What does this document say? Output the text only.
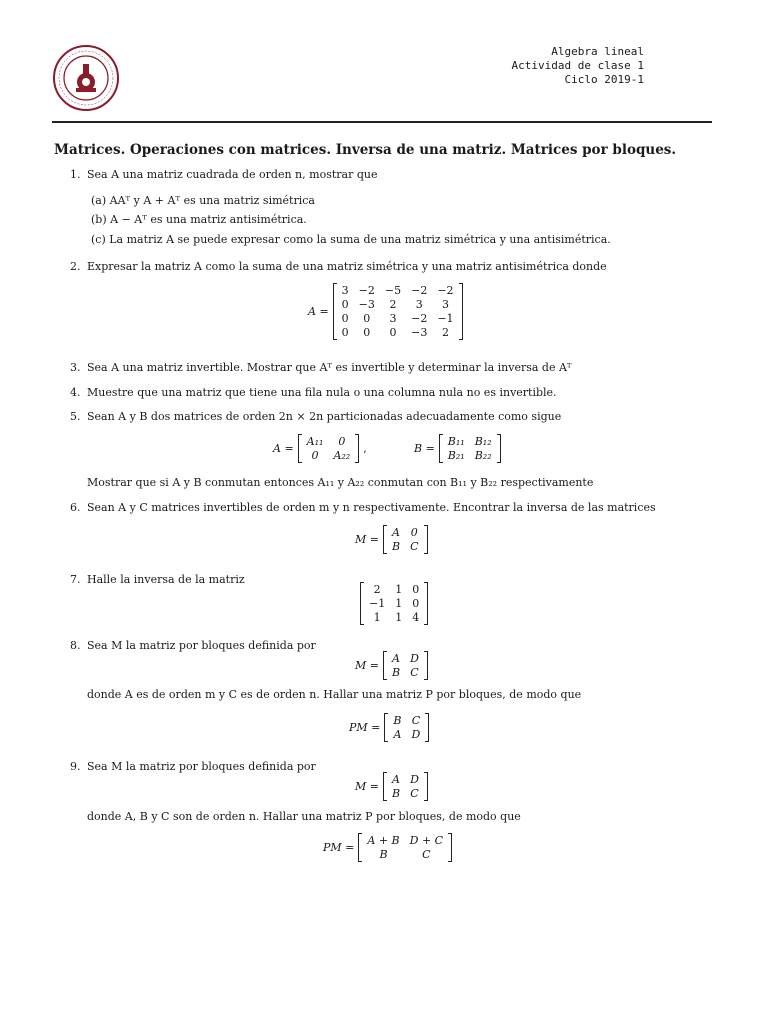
Algebra lineal
Actividad de clase 1
Ciclo 2019-1
Matrices. Operaciones con matrices. Inversa de una matriz. Matrices por bloques.
1. Sea A una matriz cuadrada de orden n, mostrar que
(a) AAᵀ y A + Aᵀ es una matriz simétrica
(b) A − Aᵀ es una matriz antisimétrica.
(c) La matriz A se puede expresar como la suma de una matriz simétrica y una antisimétrica.
2. Expresar la matriz A como la suma de una matriz simétrica y una matriz antisimétrica donde
A =
	3	−2	−5	−2	−2	
	0	−3	2	3	3	
	0	0	3	−2	−1	
	0	0	0	−3	2	
3. Sea A una matriz invertible. Mostrar que Aᵀ es invertible y determinar la inversa de Aᵀ
4. Muestre que una matriz que tiene una fila nula o una columna nula no es invertible.
5. Sean A y B dos matrices de orden 2n × 2n particionadas adecuadamente como sigue
A =
	A₁₁	0	
	0	A₂₂	,	B =
	B₁₁	B₁₂	
	B₂₁	B₂₂	
Mostrar que si A y B conmutan entonces A₁₁ y A₂₂ conmutan con B₁₁ y B₂₂ respectivamente
6. Sean A y C matrices invertibles de orden m y n respectivamente. Encontrar la inversa de las matrices
M =
	A	0	
	B	C	
7. Halle la inversa de la matriz
	2	1	0	
	−1	1	0	
	1	1	4	
8. Sea M la matriz por bloques definida por
M =
	A	D	
	B	C	
donde A es de orden m y C es de orden n. Hallar una matriz P por bloques, de modo que
PM =
	B	C	
	A	D	
9. Sea M la matriz por bloques definida por
M =
	A	D	
	B	C	
donde A, B y C son de orden n. Hallar una matriz P por bloques, de modo que
PM =
	A + B	D + C	
	B	C	
